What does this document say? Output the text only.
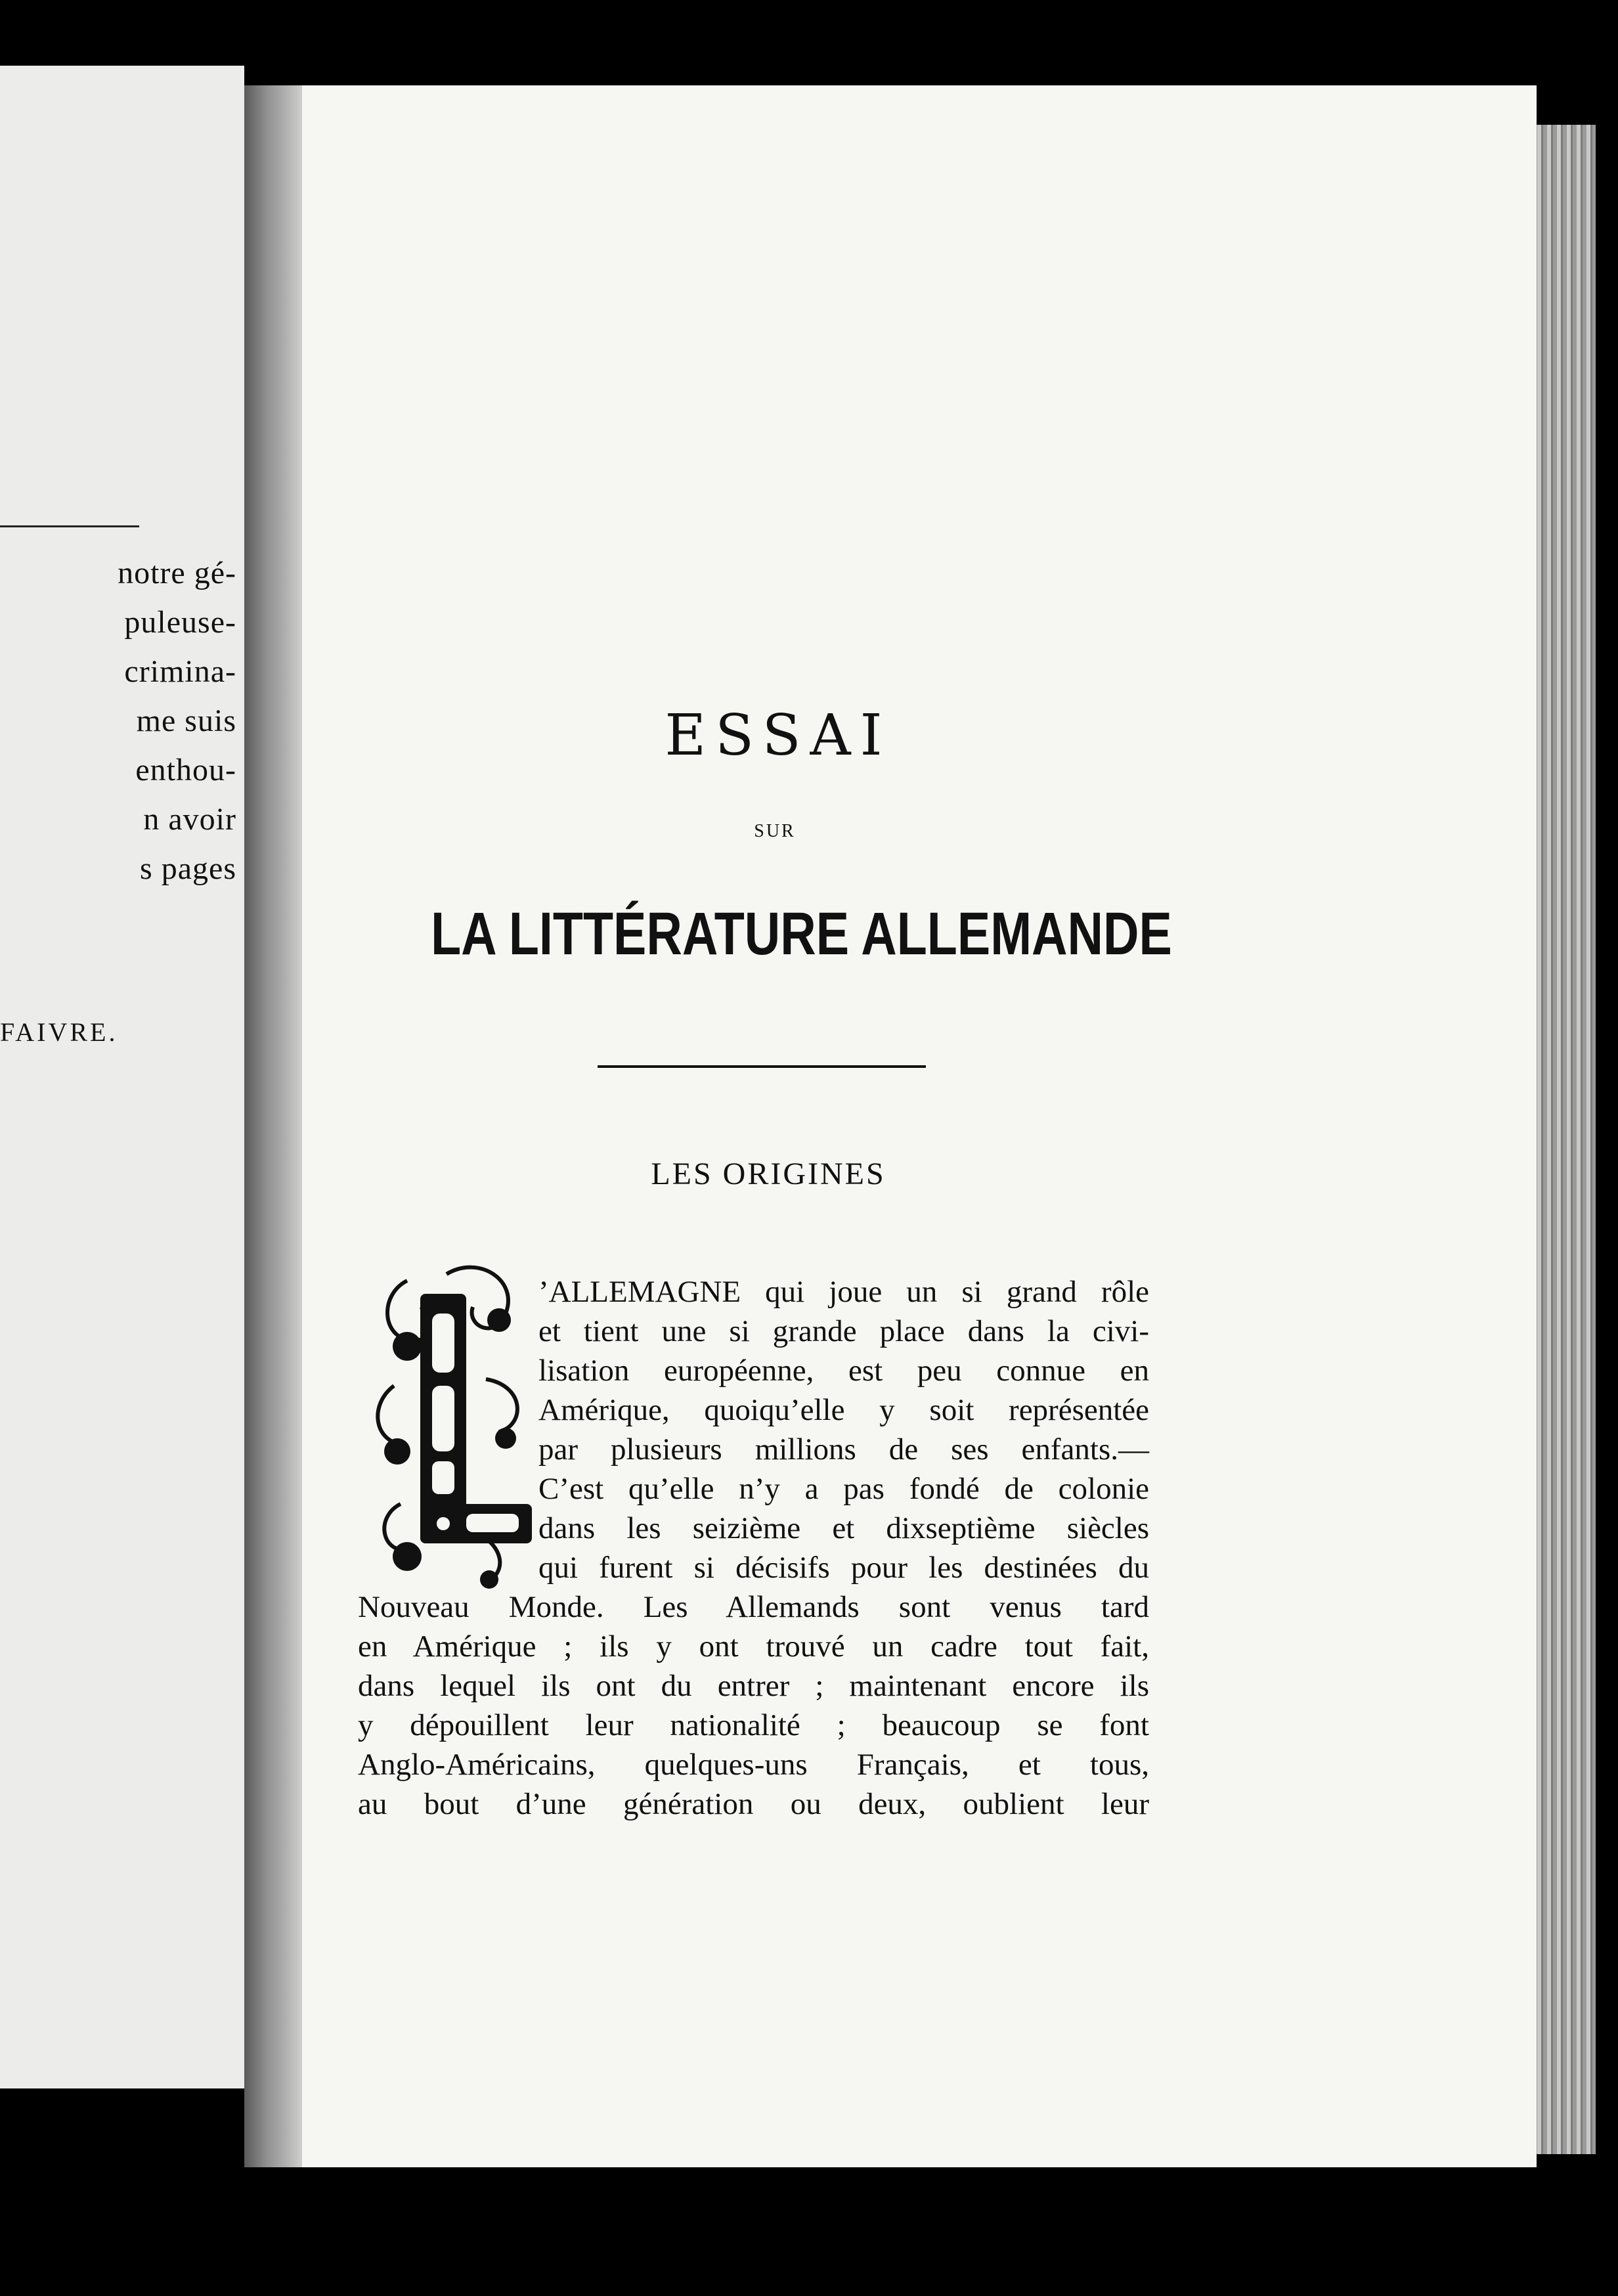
notre gé-
puleuse-
crimina-
me suis
enthou-
n avoir
s pages
FAIVRE.
ESSAI
SUR
LA LITTÉRATURE ALLEMANDE
LES ORIGINES
L
’ALLEMAGNE qui joue un si grand rôle
et tient une si grande place dans la civi-
lisation européenne, est peu connue en
Amérique, quoiqu’elle y soit représentée
par plusieurs millions de ses enfants.—
C’est qu’elle n’y a pas fondé de colonie
dans les seizième et dixseptième siècles
qui furent si décisifs pour les destinées du
Nouveau Monde. Les Allemands sont venus tard
en Amérique ; ils y ont trouvé un cadre tout fait,
dans lequel ils ont du entrer ; maintenant encore ils
y dépouillent leur nationalité ; beaucoup se font
Anglo-Américains, quelques-uns Français, et tous,
au bout d’une génération ou deux, oublient leur
